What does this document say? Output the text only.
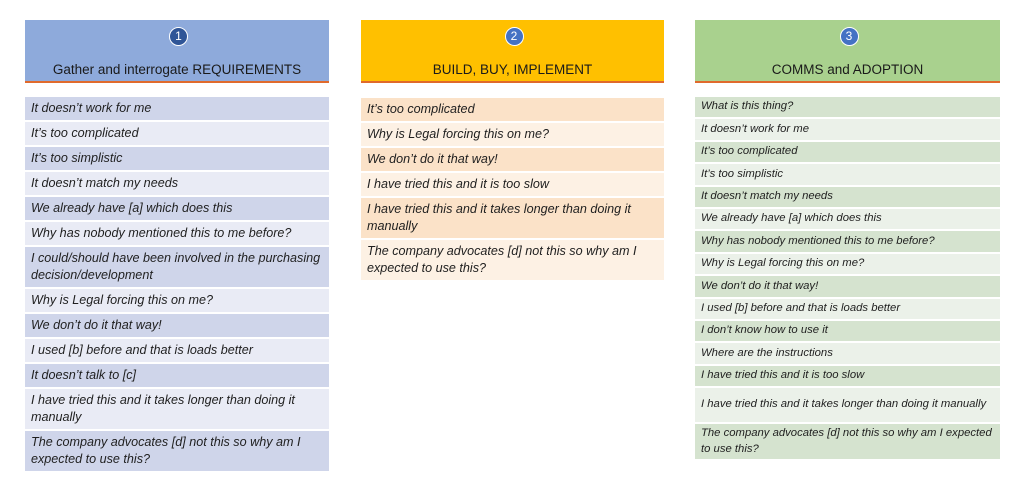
1
Gather and interrogate REQUIREMENTS
It doesn’t work for me
It’s too complicated
It’s too simplistic
It doesn’t match my needs
We already have [a] which does this
Why has nobody mentioned this to me before?
I could/should have been involved in the purchasing decision/development
Why is Legal forcing this on me?
We don’t do it that way!
I used [b] before and that is loads better
It doesn’t talk to [c]
I have tried this and it takes longer than doing it manually
The company advocates [d] not this so why am I expected to use this?
2
BUILD, BUY, IMPLEMENT
It’s too complicated
Why is Legal forcing this on me?
We don’t do it that way!
I have tried this and it is too slow
I have tried this and it takes longer than doing it manually
The company advocates [d] not this so why am I expected to use this?
3
COMMS and ADOPTION
What is this thing?
It doesn’t work for me
It’s too complicated
It’s too simplistic
It doesn’t match my needs
We already have [a] which does this
Why has nobody mentioned this to me before?
Why is Legal forcing this on me?
We don’t do it that way!
I used [b] before and that is loads better
I don’t know how to use it
Where are the instructions
I have tried this and it is too slow
I have tried this and it takes longer than doing it manually
The company advocates [d] not this so why am I expected to use this?
